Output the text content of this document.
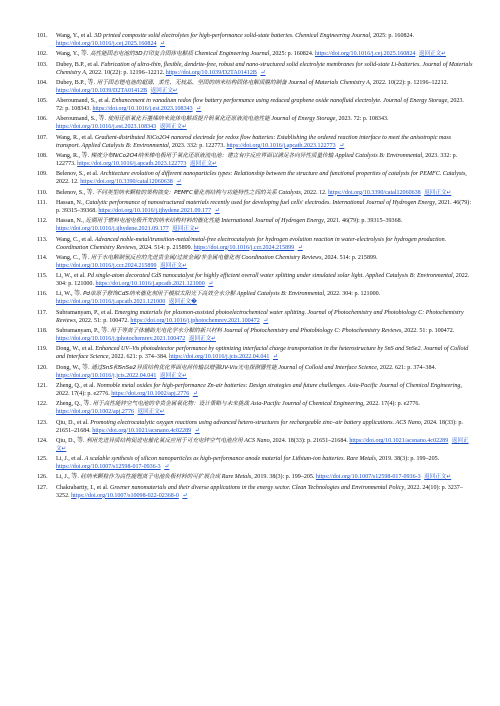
101. Wang, Y., et al. 3D printed composite solid electrolytes for high-performance solid-state batteries. Chemical Engineering Journal, 2025: p. 160824. https://doi.org/10.1016/j.cej.2025.160824 ↵
102. Wang, Y., 等. 高性能固态电池的3D打印复合固体电解质 Chemical Engineering Journal, 2025: p. 160824. https://doi.org/10.1016/j.cej.2025.160824 返回正文↵
103. Dubey, B.P., et al. Fabrication of ultra-thin, flexible, dendrite-free, robust and nano-structured solid electrolyte membranes for solid-state Li-batteries. Journal of Materials Chemistry A, 2022. 10(22): p. 12196–12212. https://doi.org/10.1039/D2TA01412B ↵
104. Dubey, B.P., 等. 用于固态锂电池的超薄、柔性、无枝晶、坚固的纳米结构固体电解质膜的制备 Journal of Materials Chemistry A, 2022. 10(22): p. 12196–12212. https://doi.org/10.1039/D2TA01412B 返回正文↵
105. Aberoumand, S., et al. Enhancement in vanadium redox flow battery performance using reduced graphene oxide nanofluid electrolyte. Journal of Energy Storage, 2023. 72: p. 108343. https://doi.org/10.1016/j.est.2023.108343 ↵
106. Aberoumand, S., 等. 使用还原氧化石墨烯纳米流体电解质提升钒氧化还原液流电池性能 Journal of Energy Storage, 2023. 72: p. 108343. https://doi.org/10.1016/j.est.2023.108343 返回正文↵
107. Wang, R., et al. Gradient-distributed NiCo2O4 nanorod electrode for redox flow batteries: Establishing the ordered reaction interface to meet the anisotropic mass transport. Applied Catalysis B: Environmental, 2023. 332: p. 122773. https://doi.org/10.1016/j.apcatb.2023.122773 ↵
108. Wang, R., 等. 梯度分布NiCo2O4纳米棒电极用于氧化还原液流电池：建立有序反应界面以满足各向异性质量传输 Applied Catalysis B: Environmental, 2023. 332: p. 122773. https://doi.org/10.1016/j.apcatb.2023.122773 返回正文↵
109. Belenov, S., et al. Architecture evolution of different nanoparticles types: Relationship between the structure and functional properties of catalysts for PEMFC. Catalysts, 2022. 12. https://doi.org/10.3390/catal12060638 ↵
110. Belenov, S., 等. 不同类型纳米颗粒的架构演变：PEMFC催化剂结构与功能特性之间的关系 Catalysts, 2022. 12. https://doi.org/10.3390/catal12060638 返回正文↵
111. Hassan, N., Catalytic performance of nanostructured materials recently used for developing fuel cells' electrodes. International Journal of Hydrogen Energy, 2021. 46(79): p. 39315–39368. https://doi.org/10.1016/j.ijhydene.2021.09.177 ↵
112. Hassan, N., 近期用于燃料电池电极开发的纳米结构材料的催化性能 International Journal of Hydrogen Energy, 2021. 46(79): p. 39315–39368. https://doi.org/10.1016/j.ijhydene.2021.09.177 返回正文↵
113. Wang, C., et al. Advanced noble-metal/transition-metal/metal-free electrocatalysts for hydrogen evolution reaction in water-electrolysis for hydrogen production. Coordination Chemistry Reviews, 2024. 514: p. 215899. https://doi.org/10.1016/j.ccr.2024.215899 ↵
114. Wang, C., 等. 用于水电解制氢反应的先进贵金属/过渡金属/非金属电催化剂 Coordination Chemistry Reviews, 2024. 514: p. 215899. https://doi.org/10.1016/j.ccr.2024.215899 返回正文↵
115. Li, W., et al. Pd single-atom decorated CdS nanocatalyst for highly efficient overall water splitting under simulated solar light. Applied Catalysis B: Environmental, 2022. 304: p. 121000. https://doi.org/10.1016/j.apcatb.2021.121000 ↵
116. Li, W., 等. Pd单原子修饰CdS纳米催化剂用于模拟太阳光下高效全水分解 Applied Catalysis B: Environmental, 2022. 304: p. 121000. https://doi.org/10.1016/j.apcatb.2021.121000 返回正文�
117. Subramanyam, P., et al. Emerging materials for plasmon-assisted photoelectrochemical water splitting. Journal of Photochemistry and Photobiology C: Photochemistry Reviews, 2022. 51: p. 100472. https://doi.org/10.1016/j.jphotochemrev.2021.100472 ↵
118. Subramanyam, P., 等. 用于等离子体辅助光电化学水分解的新兴材料 Journal of Photochemistry and Photobiology C: Photochemistry Reviews, 2022. 51: p. 100472. https://doi.org/10.1016/j.jphotochemrev.2021.100472 返回正文↵
119. Dong, W., et al. Enhanced UV–Vis photodetector performance by optimizing interfacial charge transportation in the heterostructure by SnS and SnSe2. Journal of Colloid and Interface Science, 2022. 621: p. 374–384. https://doi.org/10.1016/j.jcis.2022.04.041 ↵
120. Dong, W., 等. 通过SnS和SnSe2异质结构优化界面电荷传输以增强UV-Vis光电探测器性能 Journal of Colloid and Interface Science, 2022. 621: p. 374–384. https://doi.org/10.1016/j.jcis.2022.04.041 返回正文↵
121. Zheng, Q., et al. Nonnoble metal oxides for high-performance Zn-air batteries: Design strategies and future challenges. Asia-Pacific Journal of Chemical Engineering, 2022. 17(4): p. e2776. https://doi.org/10.1002/apj.2776 ↵
122. Zheng, Q., 等. 用于高性能锌空气电池的非贵金属氧化物：设计策略与未来挑战 Asia-Pacific Journal of Chemical Engineering, 2022. 17(4): p. e2776. https://doi.org/10.1002/apj.2776 返回正文↵
123. Qiu, D., et al. Promoting electrocatalytic oxygen reactions using advanced hetero-structures for rechargeable zinc–air battery applications. ACS Nano, 2024. 18(33): p. 21651–21684. https://doi.org/10.1021/acsnano.4c02289 ↵
124. Qiu, D., 等. 利用先进异质结构促进电催化氧反应用于可充电锌空气电池应用 ACS Nano, 2024. 18(33): p. 21651–21684. https://doi.org/10.1021/acsnano.4c02289 返回正文↵
125. Li, J., et al. A scalable synthesis of silicon nanoparticles as high-performance anode material for Lithium-ion batteries. Rare Metals, 2019. 38(3): p. 199–205. https://doi.org/10.1007/s12598-017-0936-3 ↵
126. Li, J., 等. 硅纳米颗粒作为高性能锂离子电池负极材料的可扩展合成 Rare Metals, 2019. 38(3): p. 199–205. https://doi.org/10.1007/s12598-017-0936-3 返回正文↵
127. Chakrabartty, I., et al. Greener nanomaterials and their diverse applications in the energy sector. Clean Technologies and Environmental Policy, 2022. 24(10): p. 3237–3252. https://doi.org/10.1007/s10098-022-02368-0 ↵
